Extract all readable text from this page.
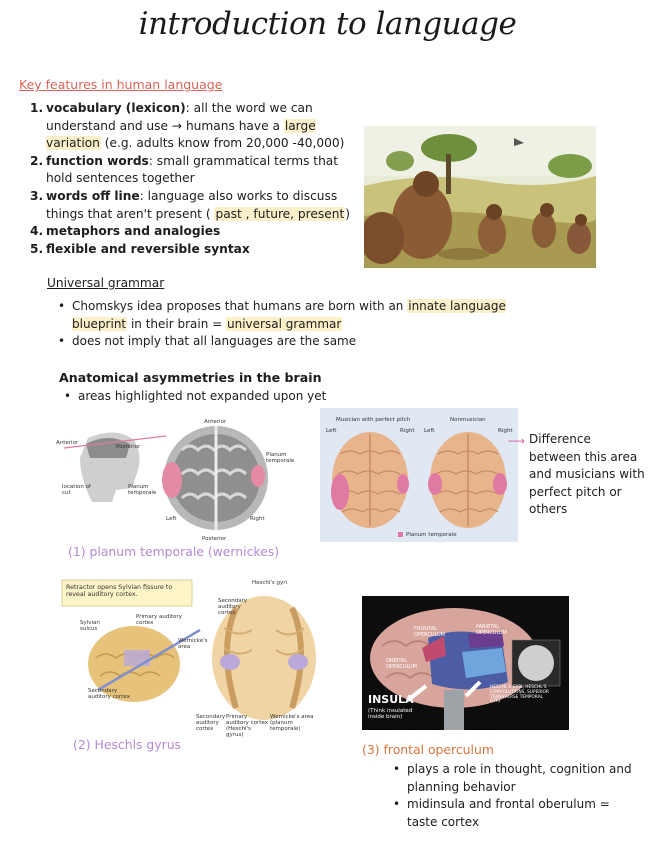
introduction to language
Key features in human language
1. vocabulary (lexicon): all the word we can understand and use → humans have a large variation (e.g. adults know from 20,000 -40,000)
2. function words: small grammatical terms that hold sentences together
3. words off line: language also works to discuss things that aren't present ( past , future, present)
4. metaphors and analogies
5. flexible and reversible syntax
Universal grammar
• Chomskys idea proposes that humans are born with an innate language blueprint in their brain = universal grammar
• does not imply that all languages are the same
Anatomical asymmetries in the brain
• areas highlighted not expanded upon yet
Anterior
Anterior
Posterior
location of cut
Planum temporale
Planum temporale
Left	Right
Posterior
(1) planum temporale (wernickes)
Musician with perfect pitch	Nonmusician
Left	Right Left	Right
Planum temporale
⟶ Difference between this area and musicians with perfect pitch or others
Retractor opens Sylvian fissure to reveal auditory cortex.
Heschl's gyri
Sylvian sulcus
Primary auditory cortex
Secondary auditory cortex
Wernicke's area
Secondary auditory cortex
Secondary auditory cortex
Primary auditory cortex (Heschl's gyrus)
Wernicke's area (planum temporale)
(2) Heschls gyrus
FRONTAL OPERCULUM
PARIETAL OPERCULUM
ORBITAL OPERCULUM
HESCHL'S GYRI, HESCHL'S CONVOLUTIONS, SUPERIOR TRANSVERSE TEMPORAL GYRI
INSULA
(Think insulated inside brain)
(3) frontal operculum
• plays a role in thought, cognition and planning behavior
• midinsula and frontal oberulum = taste cortex
